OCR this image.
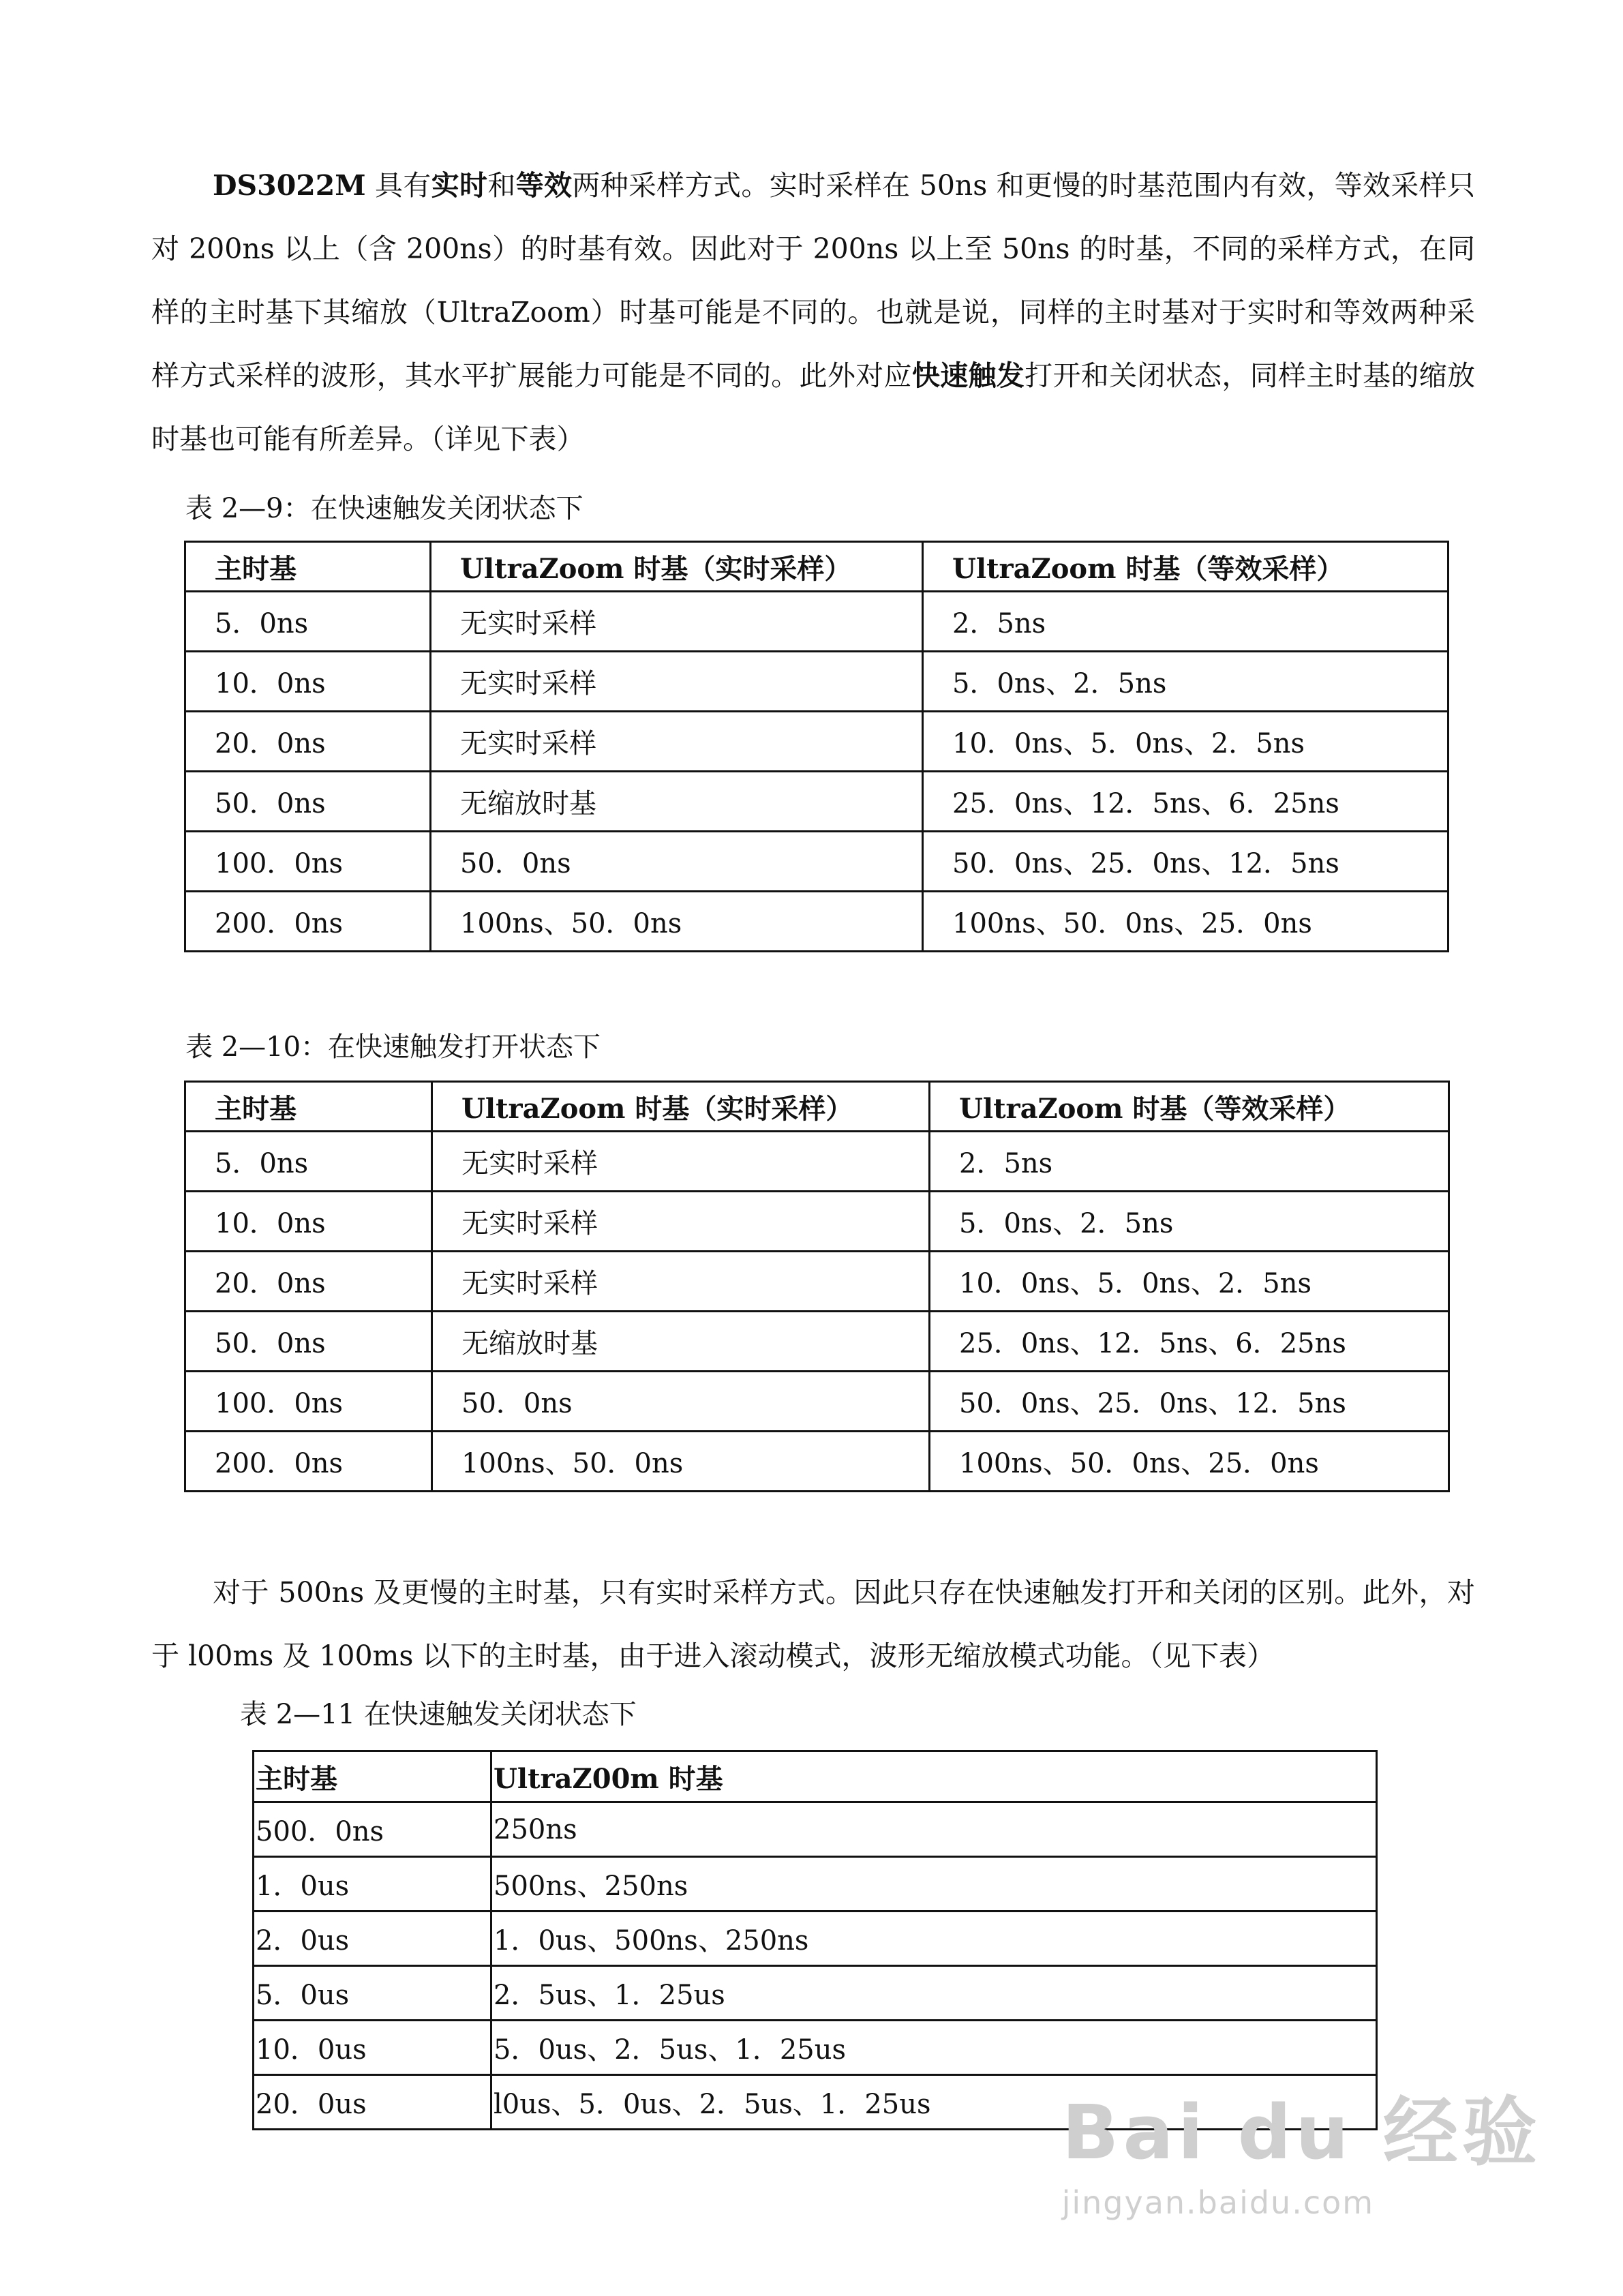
DS3022M 具有实时和等效两种采样方式。实时采样在 50ns 和更慢的时基范围内有效，等效采样只对 200ns 以上（含 200ns）的时基有效。因此对于 200ns 以上至 50ns 的时基，不同的采样方式，在同样的主时基下其缩放（UltraZoom）时基可能是不同的。也就是说，同样的主时基对于实时和等效两种采样方式采样的波形，其水平扩展能力可能是不同的。此外对应快速触发打开和关闭状态，同样主时基的缩放时基也可能有所差异。（详见下表）
表 2—9：在快速触发关闭状态下
主时基	UltraZoom 时基（实时采样）	UltraZoom 时基（等效采样）
5．0ns	无实时采样	2．5ns
10．0ns	无实时采样	5．0ns、2．5ns
20．0ns	无实时采样	10．0ns、5．0ns、2．5ns
50．0ns	无缩放时基	25．0ns、12．5ns、6．25ns
100．0ns	50．0ns	50．0ns、25．0ns、12．5ns
200．0ns	100ns、50．0ns	100ns、50．0ns、25．0ns
表 2—10：在快速触发打开状态下
主时基	UltraZoom 时基（实时采样）	UltraZoom 时基（等效采样）
5．0ns	无实时采样	2．5ns
10．0ns	无实时采样	5．0ns、2．5ns
20．0ns	无实时采样	10．0ns、5．0ns、2．5ns
50．0ns	无缩放时基	25．0ns、12．5ns、6．25ns
100．0ns	50．0ns	50．0ns、25．0ns、12．5ns
200．0ns	100ns、50．0ns	100ns、50．0ns、25．0ns
对于 500ns 及更慢的主时基，只有实时采样方式。因此只存在快速触发打开和关闭的区别。此外，对于 l00ms 及 100ms 以下的主时基，由于进入滚动模式，波形无缩放模式功能。（见下表）
表 2—11 在快速触发关闭状态下
主时基	UltraZ00m 时基
500．0ns	250ns
1．0us	500ns、250ns
2．0us	1．0us、500ns、250ns
5．0us	2．5us、1．25us
10．0us	5．0us、2．5us、1．25us
20．0us	l0us、5．0us、2．5us、1．25us Bai du 经验
jingyan.baidu.com
